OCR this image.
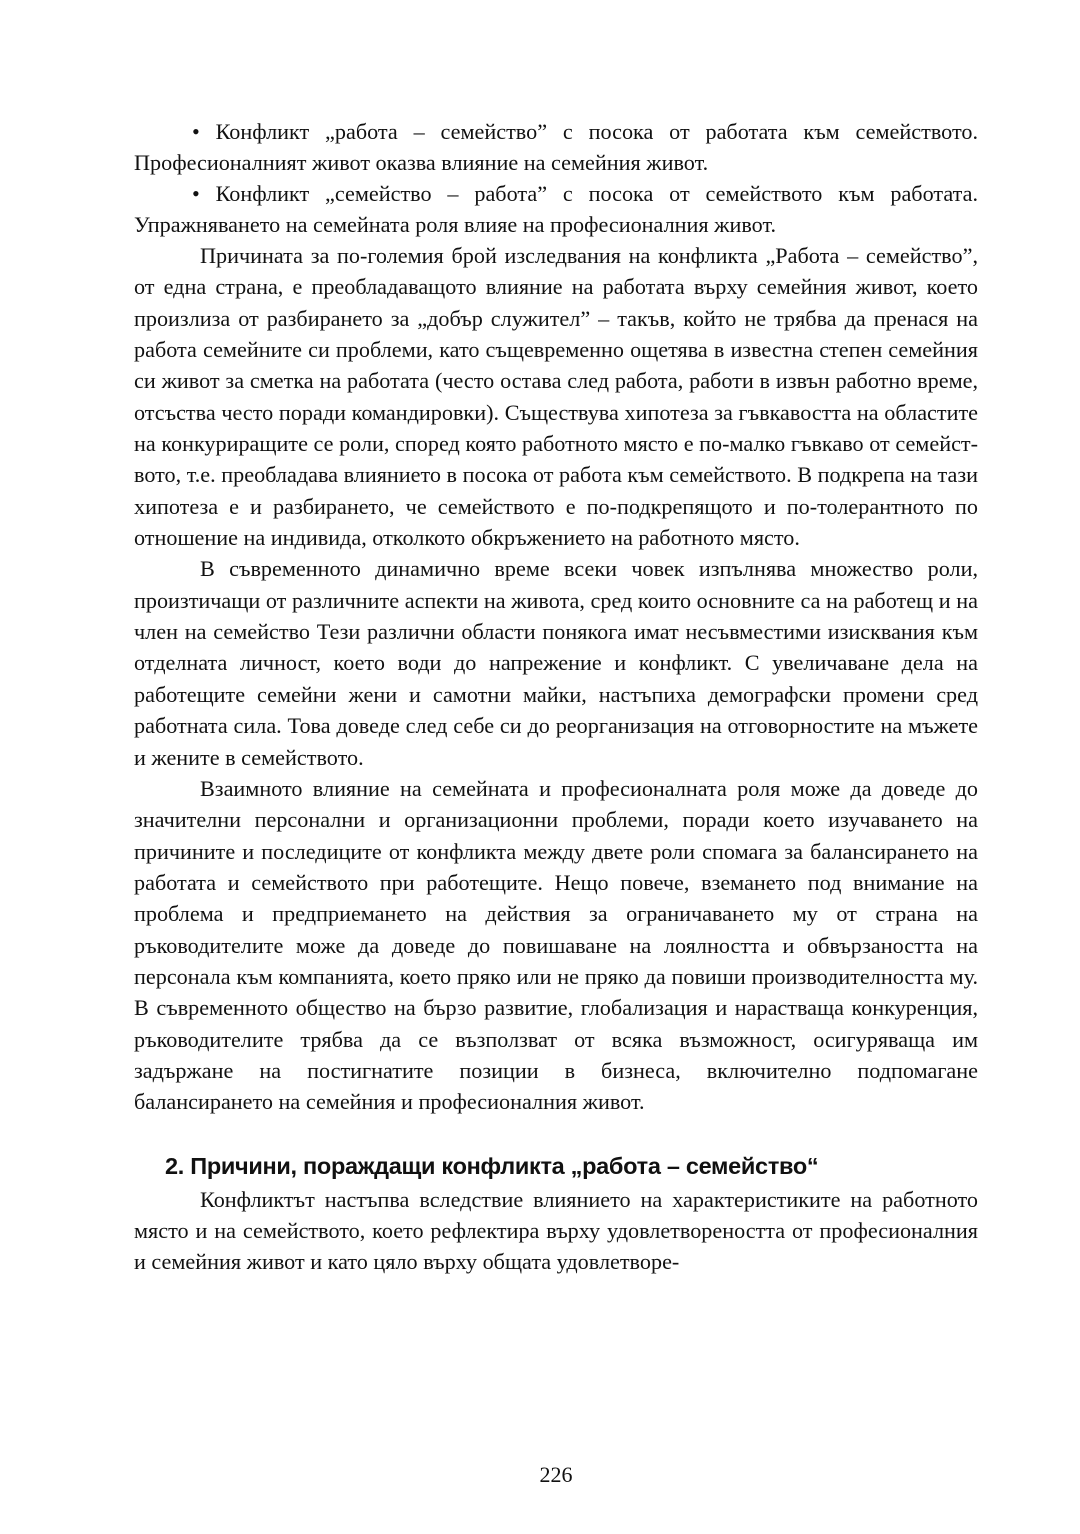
• Конфликт „работа – семейство” с посока от работата към семейството. Професионалният живот оказва влияние на семейния живот.

• Конфликт „семейство – работа” с посока от семейството към работата. Упражняването на семейната роля влияе на професионалния живот.

Причината за по-големия брой изследвания на конфликта „Работа – семейство”, от една страна, е преобладаващото влияние на работата върху семейния живот, което произлиза от разбирането за „добър служител” – такъв, който не трябва да пренася на работа семейните си проблеми, като същевременно ощетява в известна степен семейния си живот за сметка на работата (често остава след работа, работи в извън работно време, отсъства често поради командировки). Съществува хипотеза за гъвкавостта на областите на конкуриращите се роли, според която работното място е по-малко гъвкаво от семейството, т.е. преобладава влиянието в посока от работа към семейството. В подкрепа на тази хипотеза е и разбирането, че семейството е по-подкрепящото и по-толерантното по отношение на индивида, отколкото обкръжението на работното място.

В съвременното динамично време всеки човек изпълнява множество роли, произтичащи от различните аспекти на живота, сред които основните са на работещ и на член на семейство Тези различни области понякога имат несъвместими изисквания към отделната личност, което води до напрежение и конфликт. С увеличаване дела на работещите семейни жени и самотни майки, настъпиха демографски промени сред работната сила. Това доведе след себе си до реорганизация на отговорностите на мъжете и жените в семейството.

Взаимното влияние на семейната и професионалната роля може да доведе до значителни персонални и организационни проблеми, поради което изучаването на причините и последиците от конфликта между двете роли спомага за балансирането на работата и семейството при работещите. Нещо повече, вземането под внимание на проблема и предприемането на действия за ограничаването му от страна на ръководителите може да доведе до повишаване на лоялността и обвързаността на персонала към компанията, което пряко или не пряко да повиши производителността му. В съвременното общество на бързо развитие, глобализация и нарастваща конкуренция, ръководителите трябва да се възползват от всяка възможност, осигуряваща им задържане на постигнатите позиции в бизнеса, включително подпомагане балансирането на семейния и професионалния живот.

2. Причини, пораждащи конфликта „работа – семейство“

Конфликтът настъпва вследствие влиянието на характеристиките на работното място и на семейството, което рефлектира върху удовлетвореността от професионалния и семейния живот и като цяло върху общата удовлетворе-

226
